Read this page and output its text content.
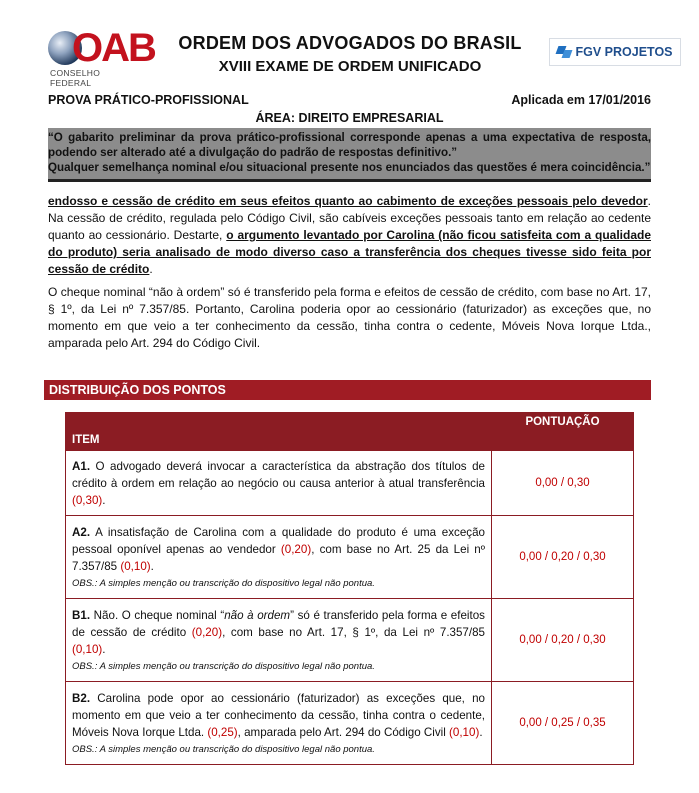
OAB
CONSELHO FEDERAL
ORDEM DOS ADVOGADOS DO BRASIL
XVIII EXAME DE ORDEM UNIFICADO
FGV PROJETOS
PROVA PRÁTICO-PROFISSIONAL	Aplicada em 17/01/2016
ÁREA: DIREITO EMPRESARIAL

“O gabarito preliminar da prova prático-profissional corresponde apenas a uma expectativa de resposta, podendo ser alterado até a divulgação do padrão de respostas definitivo.”

Qualquer semelhança nominal e/ou situacional presente nos enunciados das questões é mera coincidência.”

endosso e cessão de crédito em seus efeitos quanto ao cabimento de exceções pessoais pelo devedor. Na cessão de crédito, regulada pelo Código Civil, são cabíveis exceções pessoais tanto em relação ao cedente quanto ao cessionário. Destarte, o argumento levantado por Carolina (não ficou satisfeita com a qualidade do produto) seria analisado de modo diverso caso a transferência dos cheques tivesse sido feita por cessão de crédito.

O cheque nominal “não à ordem” só é transferido pela forma e efeitos de cessão de crédito, com base no Art. 17, § 1º, da Lei nº 7.357/85. Portanto, Carolina poderia opor ao cessionário (faturizador) as exceções que, no momento em que veio a ter conhecimento da cessão, tinha contra o cedente, Móveis Nova Iorque Ltda., amparada pelo Art. 294 do Código Civil.

DISTRIBUIÇÃO DOS PONTOS
ITEM	PONTUAÇÃO
A1. O advogado deverá invocar a característica da abstração dos títulos de crédito à ordem em relação ao negócio ou causa anterior à atual transferência (0,30).	0,00 / 0,30
A2. A insatisfação de Carolina com a qualidade do produto é uma exceção pessoal oponível apenas ao vendedor (0,20), com base no Art. 25 da Lei nº 7.357/85 (0,10).
OBS.: A simples menção ou transcrição do dispositivo legal não pontua.	0,00 / 0,20 / 0,30
B1. Não. O cheque nominal “não à ordem” só é transferido pela forma e efeitos de cessão de crédito (0,20), com base no Art. 17, § 1º, da Lei nº 7.357/85 (0,10).
OBS.: A simples menção ou transcrição do dispositivo legal não pontua.	0,00 / 0,20 / 0,30
B2. Carolina pode opor ao cessionário (faturizador) as exceções que, no momento em que veio a ter conhecimento da cessão, tinha contra o cedente, Móveis Nova Iorque Ltda. (0,25), amparada pelo Art. 294 do Código Civil (0,10).
OBS.: A simples menção ou transcrição do dispositivo legal não pontua.	0,00 / 0,25 / 0,35
